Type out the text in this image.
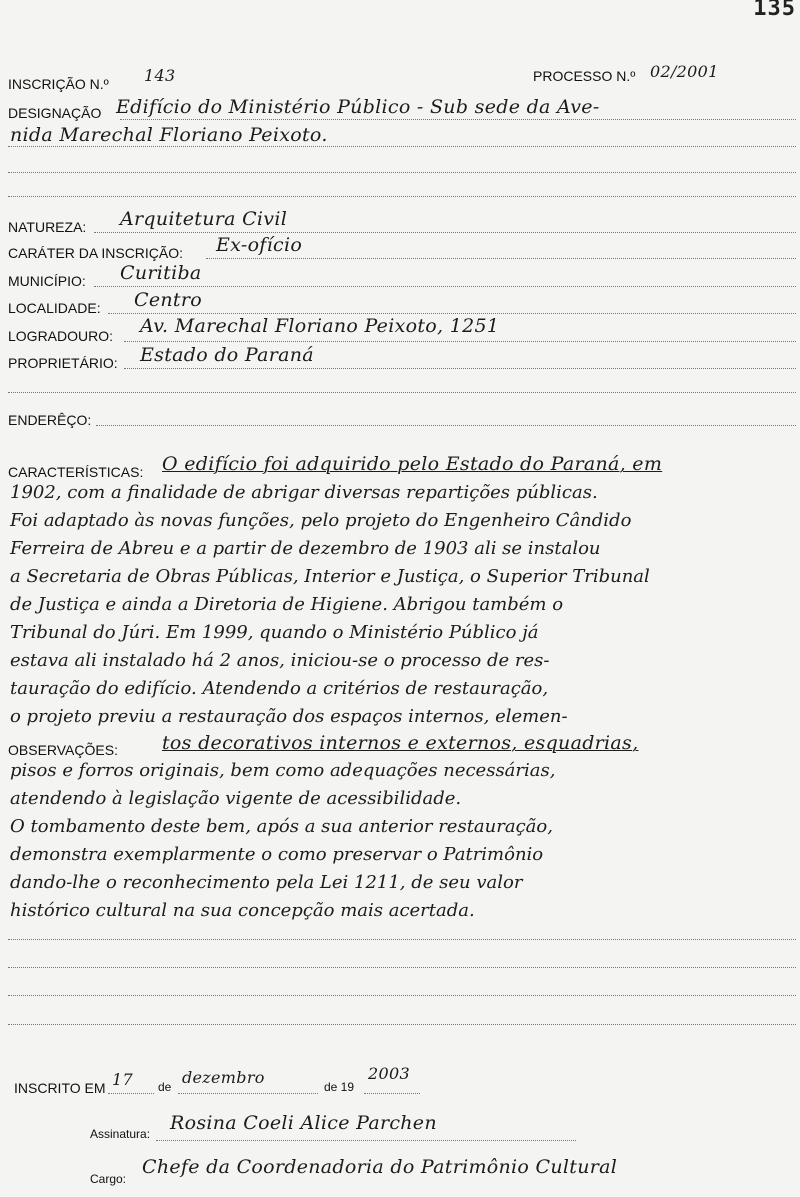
135
INSCRIÇÃO N.º 143	PROCESSO N.º 02/2001
DESIGNAÇÃO Edifício do Ministério Público - Sub sede da Ave-
nida Marechal Floriano Peixoto.
NATUREZA: Arquitetura Civil
CARÁTER DA INSCRIÇÃO: Ex-ofício
MUNICÍPIO: Curitiba
LOCALIDADE: Centro
LOGRADOURO: Av. Marechal Floriano Peixoto, 1251
PROPRIETÁRIO: Estado do Paraná
ENDERÊÇO:
CARACTERÍSTICAS: O edifício foi adquirido pelo Estado do Paraná, em
1902, com a finalidade de abrigar diversas repartições públicas.
Foi adaptado às novas funções, pelo projeto do Engenheiro Cândido
Ferreira de Abreu e a partir de dezembro de 1903 ali se instalou
a Secretaria de Obras Públicas, Interior e Justiça, o Superior Tribunal
de Justiça e ainda a Diretoria de Higiene. Abrigou também o
Tribunal do Júri. Em 1999, quando o Ministério Público já
estava ali instalado há 2 anos, iniciou-se o processo de res-
tauração do edifício. Atendendo a critérios de restauração,
o projeto previu a restauração dos espaços internos, elemen-
OBSERVAÇÕES: tos decorativos internos e externos, esquadrias,
pisos e forros originais, bem como adequações necessárias,
atendendo à legislação vigente de acessibilidade.
O tombamento deste bem, após a sua anterior restauração,
demonstra exemplarmente o como preservar o Patrimônio
dando-lhe o reconhecimento pela Lei 1211, de seu valor
histórico cultural na sua concepção mais acertada.
INSCRITO EM 17 de dezembro	de 19
2003
Assinatura: Rosina Coeli Alice Parchen
Cargo:
Chefe da Coordenadoria do Patrimônio Cultural
